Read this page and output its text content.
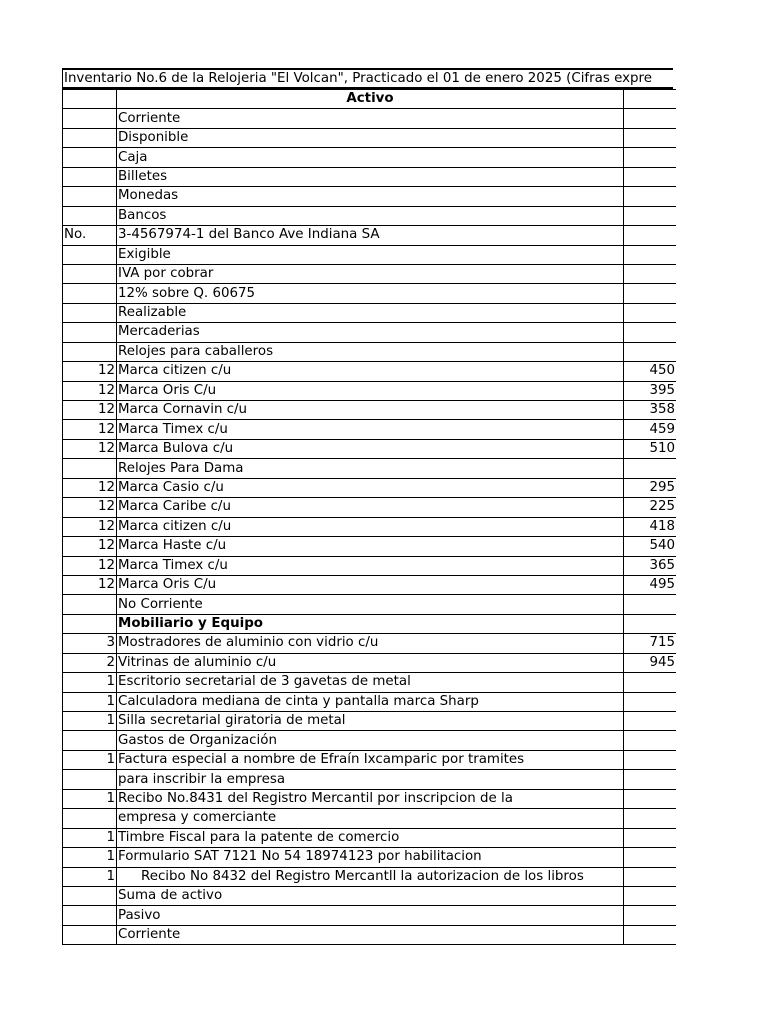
Inventario No.6 de la Relojeria "El Volcan", Practicado el 01 de enero 2025 (Cifras expre
	Activo	
	Corriente	
	Disponible	
	Caja	
	Billetes	
	Monedas	
	Bancos	
No.	3-4567974-1 del Banco Ave Indiana SA	
	Exigible	
	IVA por cobrar	
	12% sobre Q. 60675	
	Realizable	
	Mercaderias	
	Relojes para caballeros	
12	Marca citizen c/u	450
12	Marca Oris C/u	395
12	Marca Cornavin c/u	358
12	Marca Timex c/u	459
12	Marca Bulova c/u	510
	Relojes Para Dama	
12	Marca Casio c/u	295
12	Marca Caribe c/u	225
12	Marca citizen c/u	418
12	Marca Haste c/u	540
12	Marca Timex c/u	365
12	Marca Oris C/u	495
	No Corriente	
	Mobiliario y Equipo	
3	Mostradores de aluminio con vidrio c/u	715
2	Vitrinas de aluminio c/u	945
1	Escritorio secretarial de 3 gavetas de metal	
1	Calculadora mediana de cinta y pantalla marca Sharp	
1	Silla secretarial giratoria de metal	
	Gastos de Organización	
1	Factura especial a nombre de Efraín Ixcamparic por tramites	
	para inscribir la empresa	
1	Recibo No.8431 del Registro Mercantil por inscripcion de la	
	empresa y comerciante	
1	Timbre Fiscal para la patente de comercio	
1	Formulario SAT 7121 No 54 18974123 por habilitacion	
1	Recibo No 8432 del Registro Mercantll la autorizacion de los libros	
	Suma de activo	
	Pasivo	
	Corriente	
